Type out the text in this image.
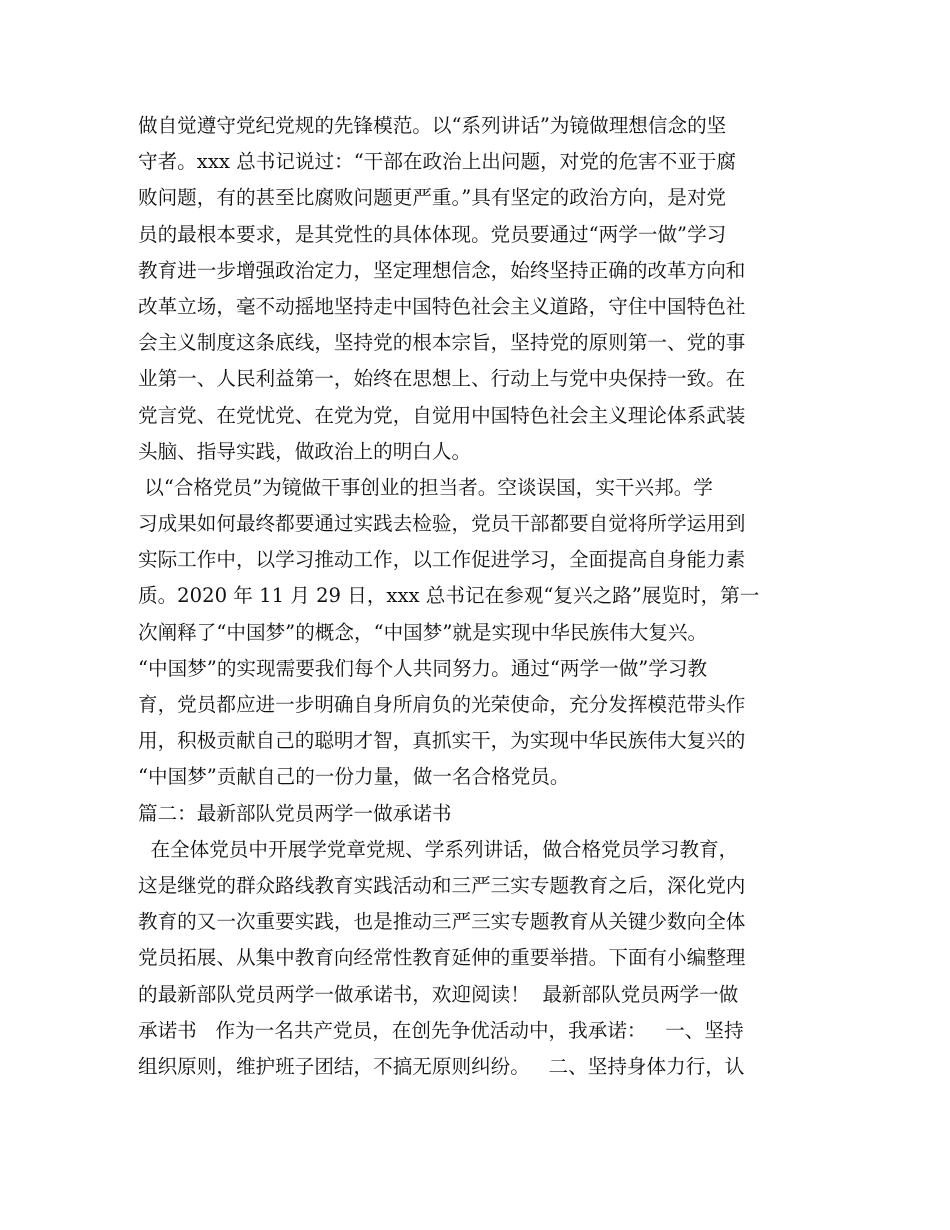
做自觉遵守党纪党规的先锋模范。以“系列讲话”为镜做理想信念的坚
守者。xxx 总书记说过：“干部在政治上出问题，对党的危害不亚于腐
败问题，有的甚至比腐败问题更严重。”具有坚定的政治方向，是对党
员的最根本要求，是其党性的具体体现。党员要通过“两学一做”学习
教育进一步增强政治定力，坚定理想信念，始终坚持正确的改革方向和
改革立场，毫不动摇地坚持走中国特色社会主义道路，守住中国特色社
会主义制度这条底线，坚持党的根本宗旨，坚持党的原则第一、党的事
业第一、人民利益第一，始终在思想上、行动上与党中央保持一致。在
党言党、在党忧党、在党为党，自觉用中国特色社会主义理论体系武装
头脑、指导实践，做政治上的明白人。
以“合格党员”为镜做干事创业的担当者。空谈误国，实干兴邦。学
习成果如何最终都要通过实践去检验，党员干部都要自觉将所学运用到
实际工作中，以学习推动工作，以工作促进学习，全面提高自身能力素
质。2020 年 11 月 29 日，xxx 总书记在参观“复兴之路”展览时，第一
次阐释了“中国梦”的概念，“中国梦”就是实现中华民族伟大复兴。
“中国梦”的实现需要我们每个人共同努力。通过“两学一做”学习教
育，党员都应进一步明确自身所肩负的光荣使命，充分发挥模范带头作
用，积极贡献自己的聪明才智，真抓实干，为实现中华民族伟大复兴的
“中国梦”贡献自己的一份力量，做一名合格党员。
篇二：最新部队党员两学一做承诺书
在全体党员中开展学党章党规、学系列讲话，做合格党员学习教育，
这是继党的群众路线教育实践活动和三严三实专题教育之后，深化党内
教育的又一次重要实践，也是推动三严三实专题教育从关键少数向全体
党员拓展、从集中教育向经常性教育延伸的重要举措。下面有小编整理
的最新部队党员两学一做承诺书，欢迎阅读！  最新部队党员两学一做
承诺书   作为一名共产党员，在创先争优活动中，我承诺：   一、坚持
组织原则，维护班子团结，不搞无原则纠纷。   二、坚持身体力行，认
